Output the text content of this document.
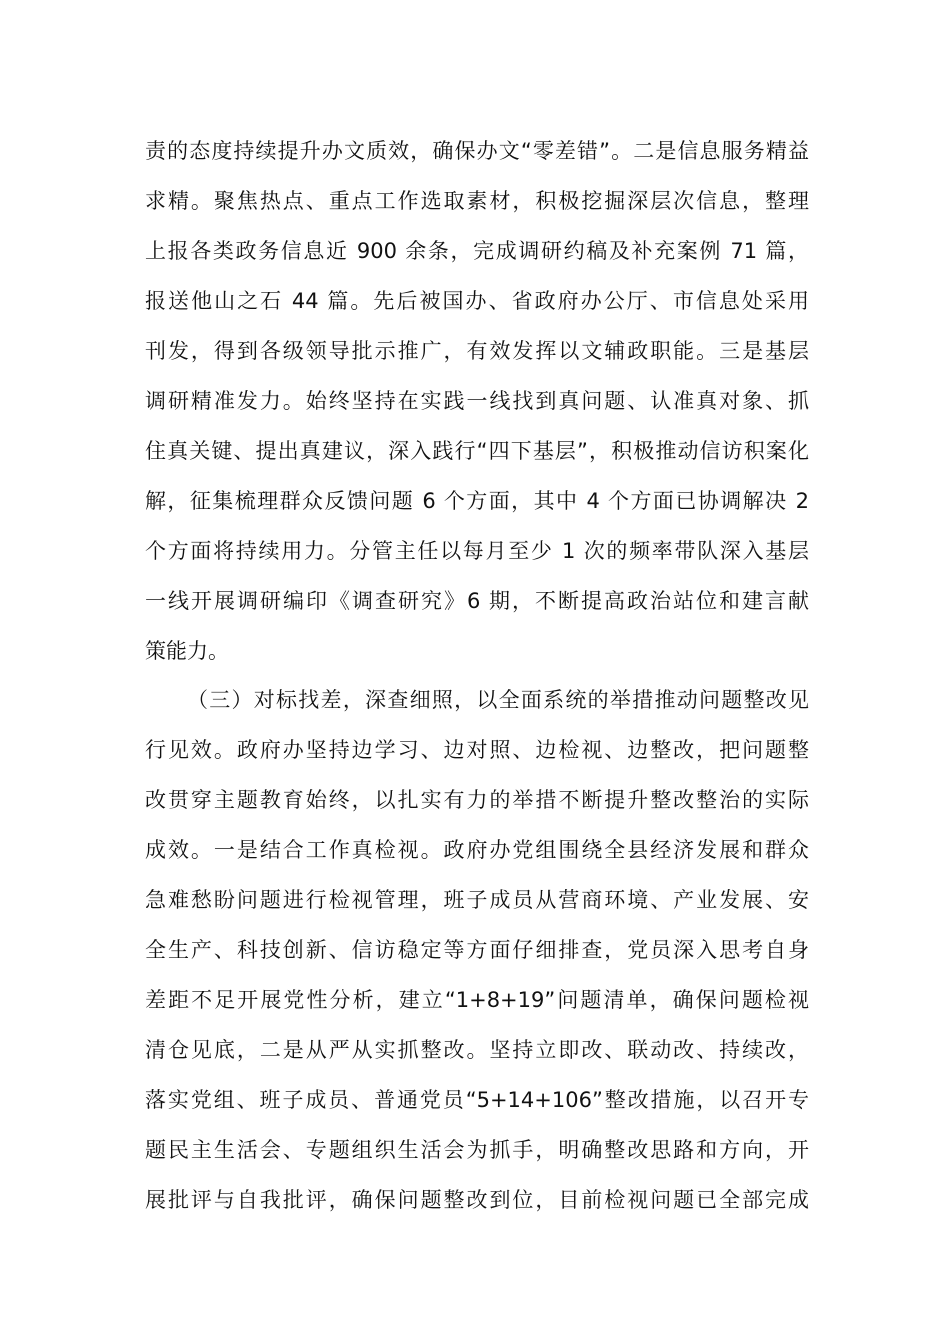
责的态度持续提升办文质效，确保办文“零差错”。二是信息服务精益
求精。聚焦热点、重点工作选取素材，积极挖掘深层次信息，整理
上报各类政务信息近 900 余条，完成调研约稿及补充案例 71 篇，
报送他山之石 44 篇。先后被国办、省政府办公厅、市信息处采用
刊发，得到各级领导批示推广，有效发挥以文辅政职能。三是基层
调研精准发力。始终坚持在实践一线找到真问题、认准真对象、抓
住真关键、提出真建议，深入践行“四下基层”，积极推动信访积案化
解，征集梳理群众反馈问题 6 个方面，其中 4 个方面已协调解决 2
个方面将持续用力。分管主任以每月至少 1 次的频率带队深入基层
一线开展调研编印《调查研究》6 期，不断提高政治站位和建言献
策能力。
（三）对标找差，深查细照，以全面系统的举措推动问题整改见
行见效。政府办坚持边学习、边对照、边检视、边整改，把问题整
改贯穿主题教育始终，以扎实有力的举措不断提升整改整治的实际
成效。一是结合工作真检视。政府办党组围绕全县经济发展和群众
急难愁盼问题进行检视管理，班子成员从营商环境、产业发展、安
全生产、科技创新、信访稳定等方面仔细排查，党员深入思考自身
差距不足开展党性分析，建立“1+8+19”问题清单，确保问题检视
清仓见底，二是从严从实抓整改。坚持立即改、联动改、持续改，
落实党组、班子成员、普通党员“5+14+106”整改措施，以召开专
题民主生活会、专题组织生活会为抓手，明确整改思路和方向，开
展批评与自我批评，确保问题整改到位，目前检视问题已全部完成
